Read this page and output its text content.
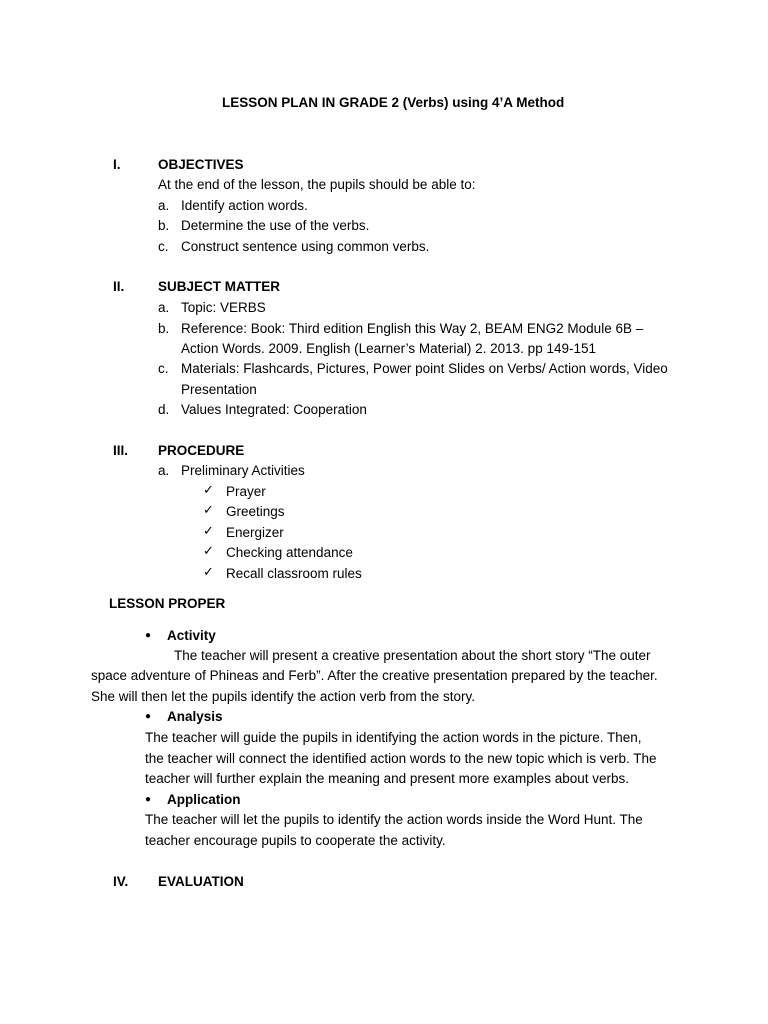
LESSON PLAN IN GRADE 2 (Verbs) using 4’A Method
I.	OBJECTIVES
At the end of the lesson, the pupils should be able to:
a. Identify action words.
b. Determine the use of the verbs.
c. Construct sentence using common verbs.
II. SUBJECT MATTER
a. Topic: VERBS
b. Reference: Book: Third edition English this Way 2, BEAM ENG2 Module 6B –
Action Words. 2009. English (Learner’s Material) 2. 2013. pp 149-151
c. Materials: Flashcards, Pictures, Power point Slides on Verbs/ Action words, Video
Presentation
d. Values Integrated: Cooperation
III. PROCEDURE
a. Preliminary Activities
✓ Prayer
✓ Greetings
✓ Energizer
✓ Checking attendance
✓ Recall classroom rules
LESSON PROPER
● Activity
The teacher will present a creative presentation about the short story “The outer
space adventure of Phineas and Ferb”. After the creative presentation prepared by the teacher.
She will then let the pupils identify the action verb from the story.
● Analysis
The teacher will guide the pupils in identifying the action words in the picture. Then,
the teacher will connect the identified action words to the new topic which is verb. The
teacher will further explain the meaning and present more examples about verbs.
● Application
The teacher will let the pupils to identify the action words inside the Word Hunt. The
teacher encourage pupils to cooperate the activity.
IV. EVALUATION
